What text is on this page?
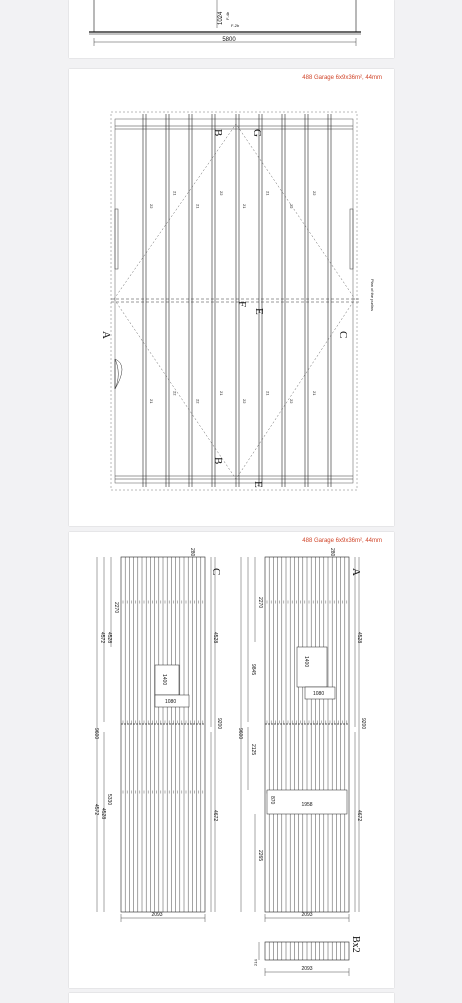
5800
1024 F-4b
F-2b
488 Garage 6x9x36m², 44mm
B G
F
E
A	C
B
E
Plan of the purlins
22
21
21
22
21
21
22
22
21
22
22
21
22
21
22
21
488 Garage 6x9x36m², 44mm
C
280
2270
4528
4572
1400
1080
9600
5330
4528
4572
4528
9200
4672
2093
A
280
2270
9845
1400
1080
9600
2125
870
1958
2265
4528
9200
4672
2093
Bx2
214
2093
